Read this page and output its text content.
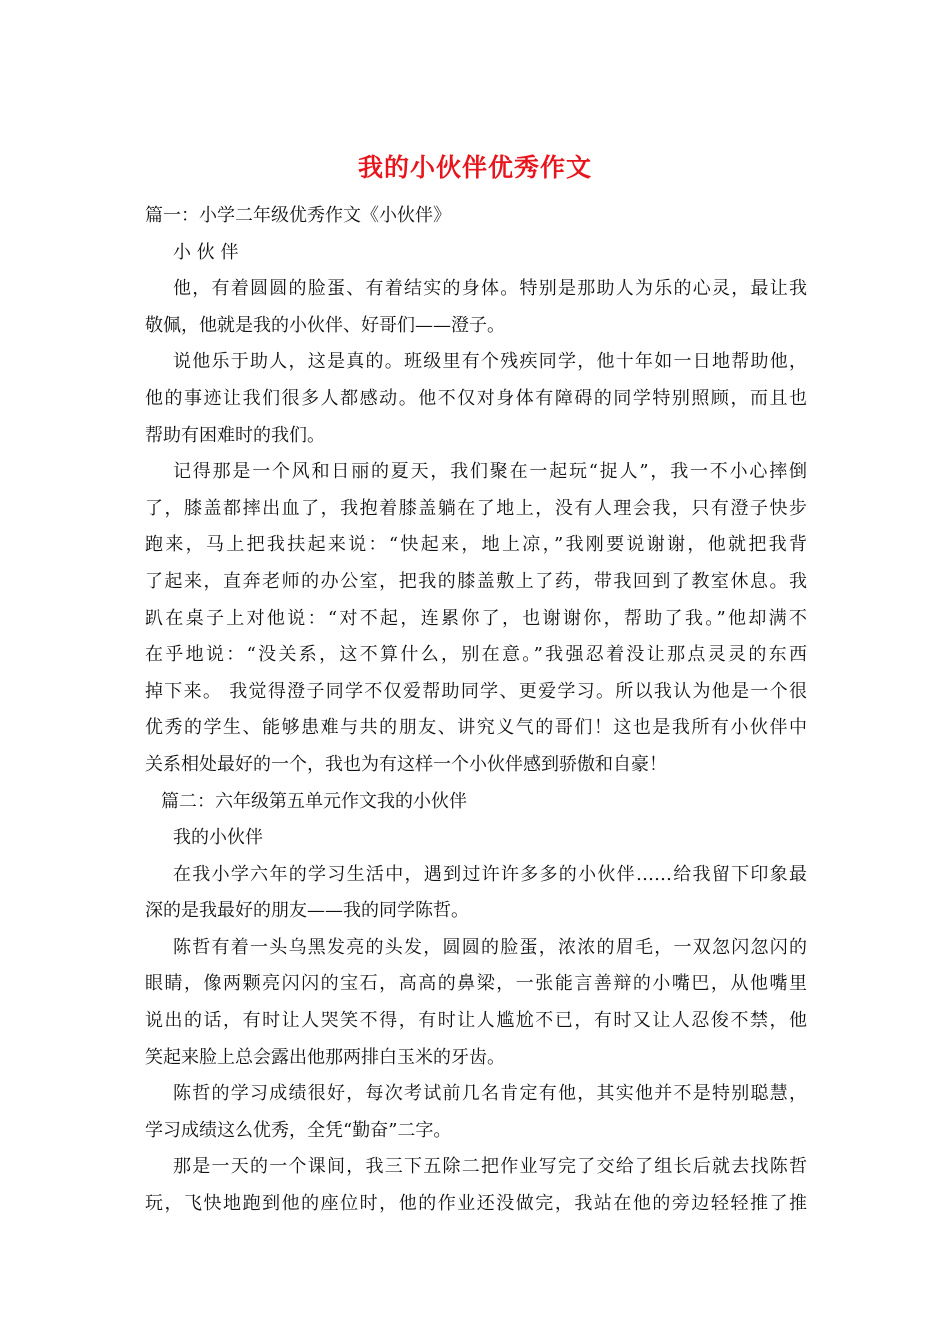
我的小伙伴优秀作文
篇一：小学二年级优秀作文《小伙伴》
小 伙 伴
他，有着圆圆的脸蛋、有着结实的身体。特别是那助人为乐的心灵，最让我
敬佩，他就是我的小伙伴、好哥们——澄子。
说他乐于助人，这是真的。班级里有个残疾同学，他十年如一日地帮助他，
他的事迹让我们很多人都感动。他不仅对身体有障碍的同学特别照顾，而且也
帮助有困难时的我们。
记得那是一个风和日丽的夏天，我们聚在一起玩“捉人”，我一不小心摔倒
了，膝盖都摔出血了，我抱着膝盖躺在了地上，没有人理会我，只有澄子快步
跑来，马上把我扶起来说：“快起来，地上凉，”我刚要说谢谢，他就把我背
了起来，直奔老师的办公室，把我的膝盖敷上了药，带我回到了教室休息。我
趴在桌子上对他说：“对不起，连累你了，也谢谢你，帮助了我。”他却满不
在乎地说：“没关系，这不算什么，别在意。”我强忍着没让那点灵灵的东西
掉下来。 我觉得澄子同学不仅爱帮助同学、更爱学习。所以我认为他是一个很
优秀的学生、能够患难与共的朋友、讲究义气的哥们！这也是我所有小伙伴中
关系相处最好的一个，我也为有这样一个小伙伴感到骄傲和自豪！
篇二：六年级第五单元作文我的小伙伴
我的小伙伴
在我小学六年的学习生活中，遇到过许许多多的小伙伴……给我留下印象最
深的是我最好的朋友——我的同学陈哲。
陈哲有着一头乌黑发亮的头发，圆圆的脸蛋，浓浓的眉毛，一双忽闪忽闪的
眼睛，像两颗亮闪闪的宝石，高高的鼻梁，一张能言善辩的小嘴巴，从他嘴里
说出的话，有时让人哭笑不得，有时让人尴尬不已，有时又让人忍俊不禁，他
笑起来脸上总会露出他那两排白玉米的牙齿。
陈哲的学习成绩很好，每次考试前几名肯定有他，其实他并不是特别聪慧，
学习成绩这么优秀，全凭“勤奋”二字。
那是一天的一个课间，我三下五除二把作业写完了交给了组长后就去找陈哲
玩，飞快地跑到他的座位时，他的作业还没做完，我站在他的旁边轻轻推了推
